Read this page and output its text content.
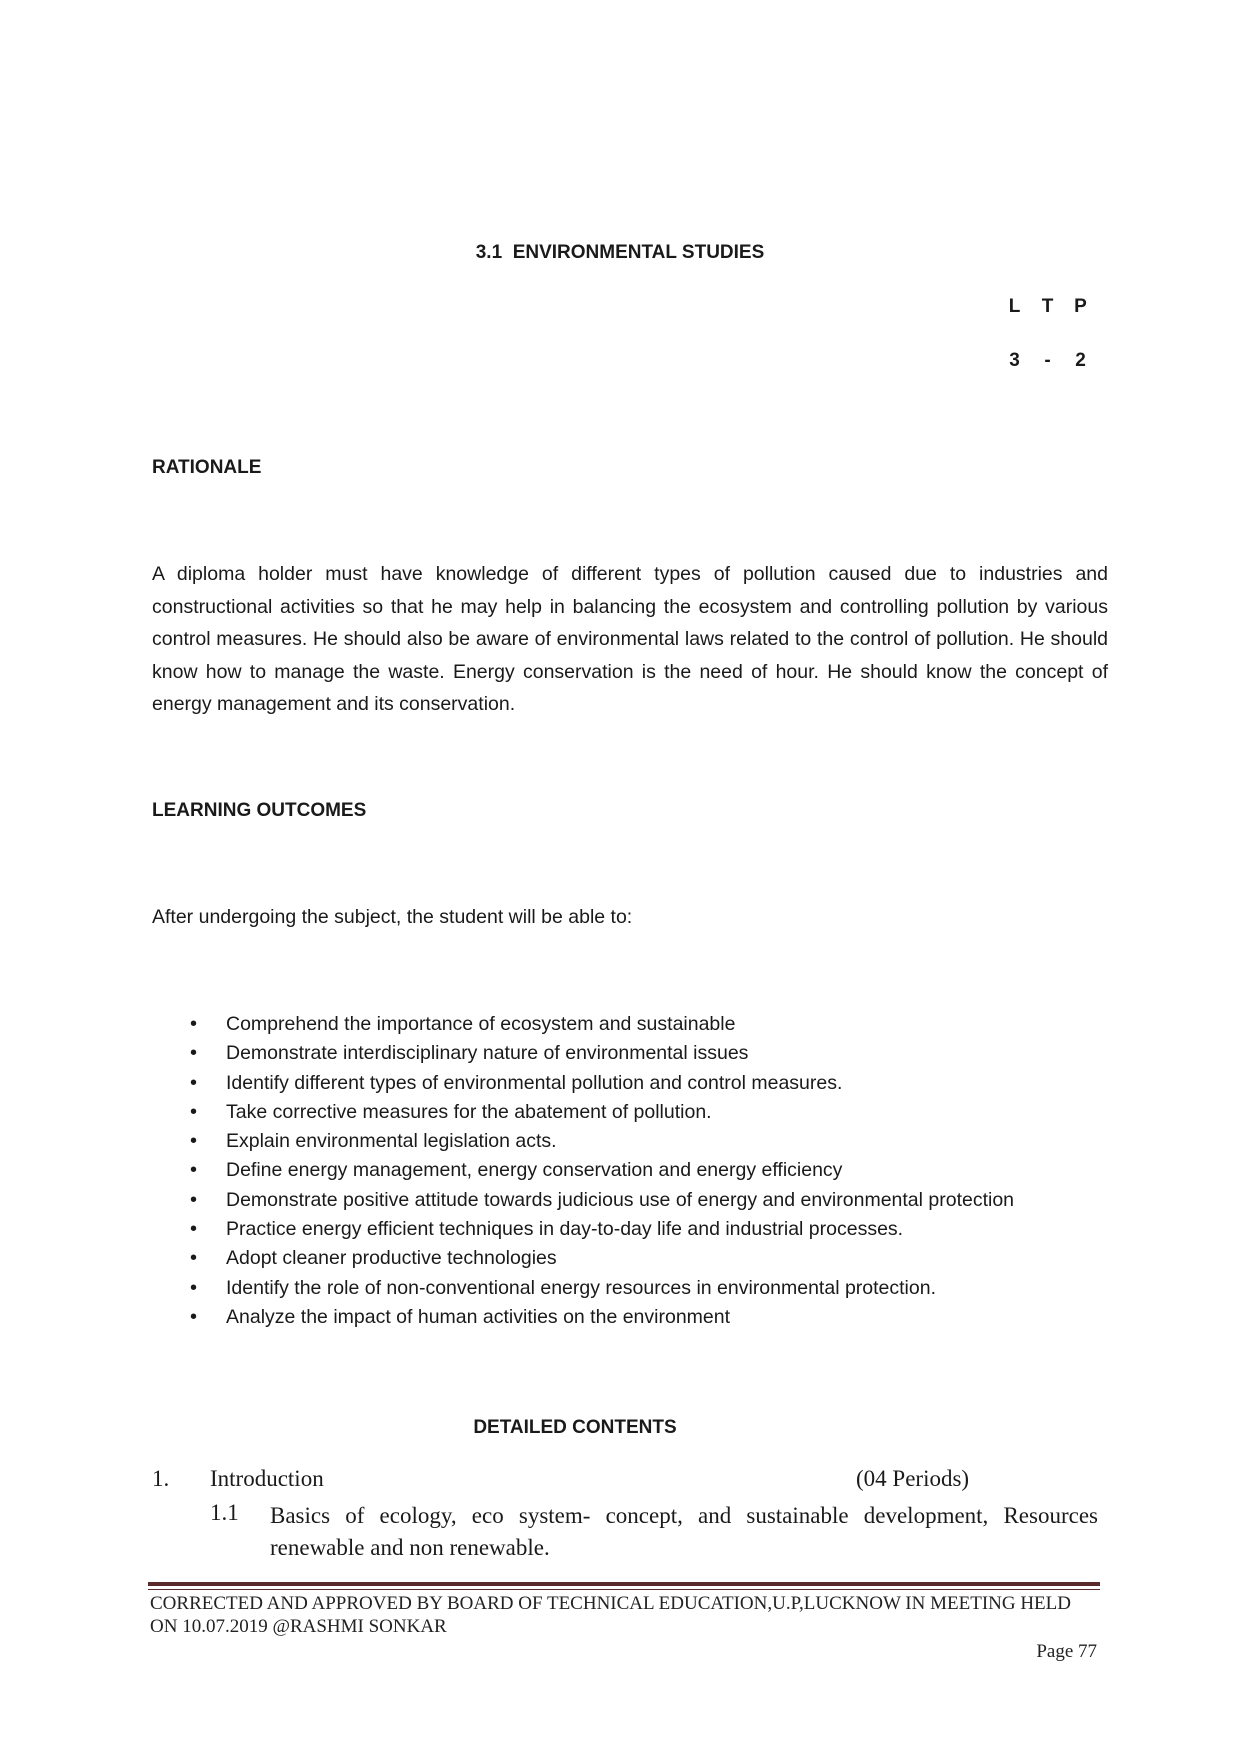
3.1  ENVIRONMENTAL STUDIES
L	T	P
3	-	2
RATIONALE
A diploma holder must have knowledge of different types of pollution caused due to industries and constructional activities so that he may help in balancing the ecosystem and controlling pollution by various control measures. He should also be aware of environmental laws related to the control of pollution. He should know how to manage the waste. Energy conservation is the need of hour. He should know the concept of energy management and its conservation.
LEARNING OUTCOMES
After undergoing the subject, the student will be able to:
•	Comprehend the importance of ecosystem and sustainable
•	Demonstrate interdisciplinary nature of environmental issues
•	Identify different types of environmental pollution and control measures.
•	Take corrective measures for the abatement of pollution.
•	Explain environmental legislation acts.
•	Define energy management, energy conservation and energy efficiency
•	Demonstrate positive attitude towards judicious use of energy and environmental protection
•	Practice energy efficient techniques in day-to-day life and industrial processes.
•	Adopt cleaner productive technologies
•	Identify the role of non-conventional energy resources in environmental protection.
•	Analyze the impact of human activities on the environment
DETAILED CONTENTS
1. Introduction	(04 Periods)
1.1 Basics of ecology, eco system- concept, and sustainable development, Resources renewable and non renewable.
CORRECTED AND APPROVED BY BOARD OF TECHNICAL EDUCATION,U.P,LUCKNOW IN MEETING HELD ON 10.07.2019 @RASHMI SONKAR
Page 77
